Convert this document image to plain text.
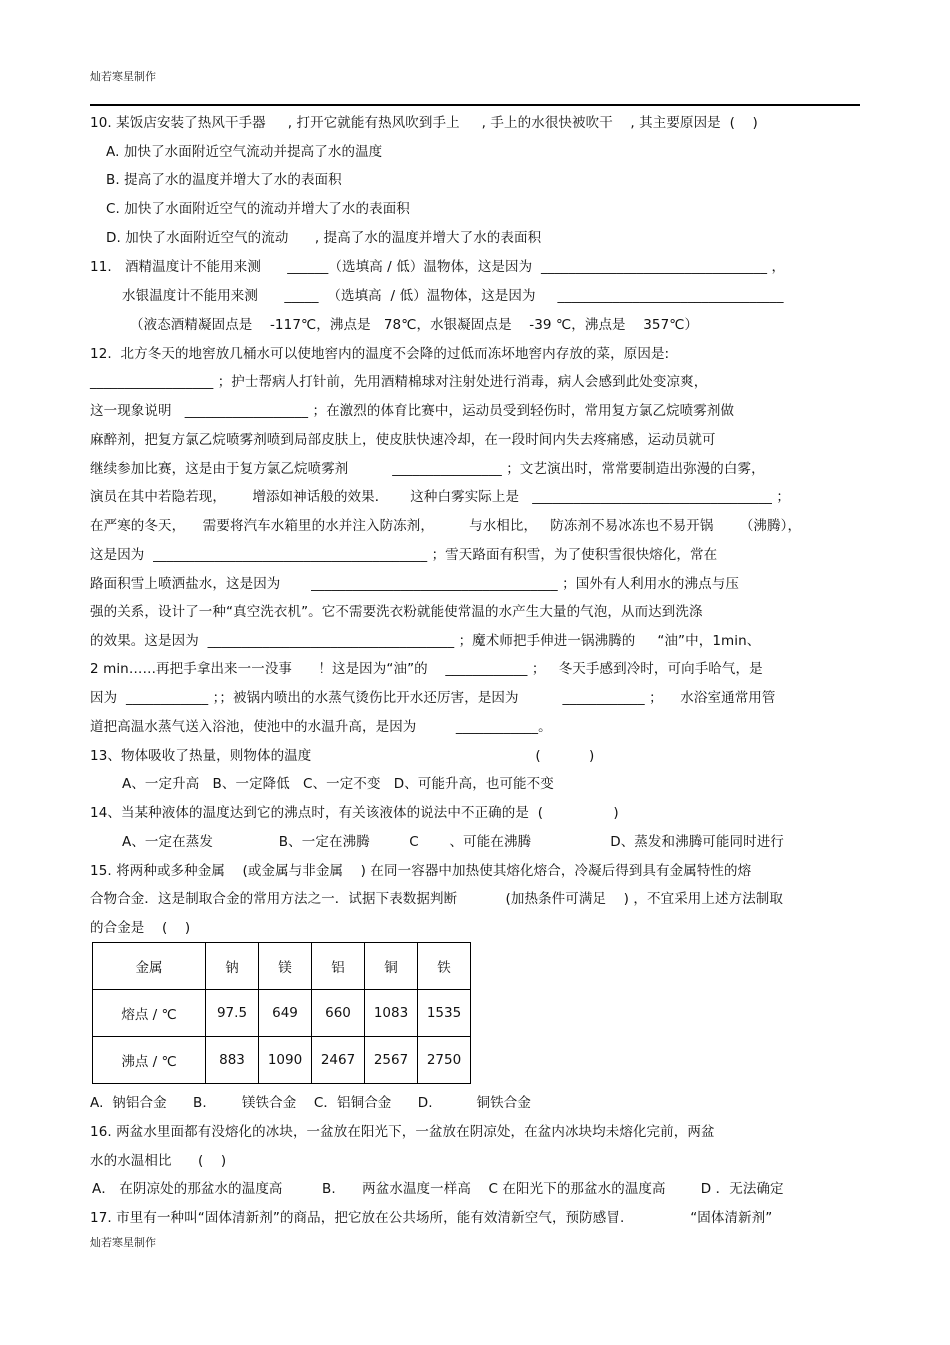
灿若寒星制作
10. 某饭店安装了热风干手器     , 打开它就能有热风吹到手上     , 手上的水很快被吹干    , 其主要原因是  (    )
A. 加快了水面附近空气流动并提高了水的温度
B. 提高了水的温度并增大了水的表面积
C. 加快了水面附近空气的流动并增大了水的表面积
D. 加快了水面附近空气的流动      , 提高了水的温度并增大了水的表面积
11.   酒精温度计不能用来测      ______（选填高 / 低）温物体，这是因为  _________________________________ ，
水银温度计不能用来测      _____  （选填高  / 低）温物体，这是因为     _________________________________
（液态酒精凝固点是    -117℃，沸点是   78℃，水银凝固点是    -39 ℃，沸点是    357℃）
12.  北方冬天的地窖放几桶水可以使地窖内的温度不会降的过低而冻坏地窖内存放的菜，原因是:
__________________ ；护士帮病人打针前，先用酒精棉球对注射处进行消毒，病人会感到此处变凉爽，
这一现象说明   __________________ ；在激烈的体育比赛中，运动员受到轻伤时，常用复方氯乙烷喷雾剂做
麻醉剂，把复方氯乙烷喷雾剂喷到局部皮肤上，使皮肤快速冷却，在一段时间内失去疼痛感，运动员就可
继续参加比赛，这是由于复方氯乙烷喷雾剂          ________________ ；文艺演出时，常常要制造出弥漫的白雾，
演员在其中若隐若现，      增添如神话般的效果．     这种白雾实际上是   ___________________________________ ；
在严寒的冬天，    需要将汽车水箱里的水并注入防冻剂，        与水相比，   防冻剂不易冰冻也不易开锅      （沸腾），
这是因为  ________________________________________ ；雪天路面有积雪，为了使积雪很快熔化，常在
路面积雪上喷洒盐水，这是因为       ____________________________________ ；国外有人利用水的沸点与压
强的关系，设计了一种“真空洗衣机”。它不需要洗衣粉就能使常温的水产生大量的气泡，从而达到洗涤
的效果。这是因为  ____________________________________ ；魔术师把手伸进一锅沸腾的     “油”中，1min、
2 min……再把手拿出来一一没事      ！这是因为“油”的    ____________ ；   冬天手感到冷时，可向手哈气，是
因为  ____________ ；；被锅内喷出的水蒸气烫伤比开水还厉害，是因为          ____________ ；    水浴室通常用管
道把高温水蒸气送入浴池，使池中的水温升高，是因为         ____________。
13、物体吸收了热量，则物体的温度                                                   (           )
A、一定升高   B、一定降低   C、一定不变   D、可能升高，也可能不变
14、当某种液体的温度达到它的沸点时，有关该液体的说法中不正确的是  (                )
A、一定在蒸发               B、一定在沸腾         C       、可能在沸腾                  D、蒸发和沸腾可能同时进行
15. 将两种或多种金属    (或金属与非金属    ) 在同一容器中加热使其熔化熔合，冷凝后得到具有金属特性的熔
合物合金．这是制取合金的常用方法之一．试据下表数据判断           (加热条件可满足    ) ，不宜采用上述方法制取
的合金是    (    )
金属	钠	镁	铝	铜	铁
熔点 / ℃	97.5	649	660	1083	1535
沸点 / ℃	883	1090	2467	2567	2750
A.  钠铝合金      B.        镁铁合金    C．铝铜合金      D.          铜铁合金
16. 两盆水里面都有没熔化的冰块，一盆放在阳光下，一盆放在阴凉处，在盆内冰块均未熔化完前，两盆
水的水温相比      (    )
A． 在阴凉处的那盆水的温度高         B.      两盆水温度一样高    C 在阳光下的那盆水的温度高        D ．无法确定
17. 市里有一种叫“固体清新剂”的商品，把它放在公共场所，能有效清新空气，预防感冒.               “固体清新剂”
灿若寒星制作
